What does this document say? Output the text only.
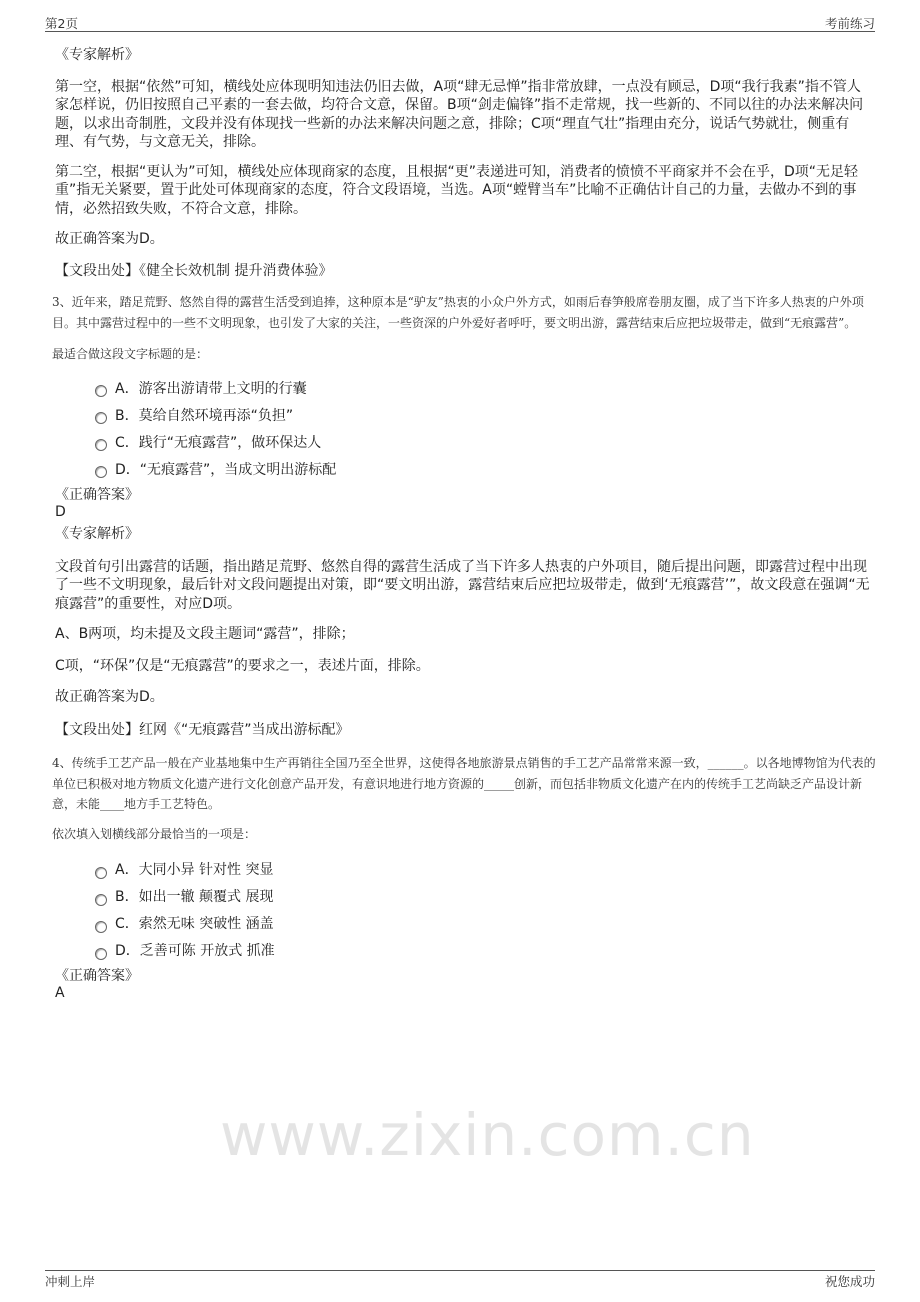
第2页	考前练习
www.zixin.com.cn
《专家解析》
第一空，根据“依然”可知，横线处应体现明知违法仍旧去做，A项“肆无忌惮”指非常放肆，一点没有顾忌，D项“我行我素”指不管人家怎样说，仍旧按照自己平素的一套去做，均符合文意，保留。B项“剑走偏锋”指不走常规，找一些新的、不同以往的办法来解决问题，以求出奇制胜，文段并没有体现找一些新的办法来解决问题之意，排除；C项“理直气壮”指理由充分，说话气势就壮，侧重有理、有气势，与文意无关，排除。
第二空，根据“更认为”可知，横线处应体现商家的态度，且根据“更”表递进可知，消费者的愤愤不平商家并不会在乎，D项“无足轻重”指无关紧要，置于此处可体现商家的态度，符合文段语境，当选。A项“螳臂当车”比喻不正确估计自己的力量，去做办不到的事情，必然招致失败，不符合文意，排除。
故正确答案为D。
【文段出处】《健全长效机制 提升消费体验》
3、近年来，踏足荒野、悠然自得的露营生活受到追捧，这种原本是“驴友”热衷的小众户外方式，如雨后春笋般席卷朋友圈，成了当下许多人热衷的户外项目。其中露营过程中的一些不文明现象，也引发了大家的关注，一些资深的户外爱好者呼吁，要文明出游，露营结束后应把垃圾带走，做到“无痕露营”。
最适合做这段文字标题的是：
A．游客出游请带上文明的行囊
B．莫给自然环境再添“负担”
C．践行“无痕露营”，做环保达人
D．“无痕露营”，当成文明出游标配
《正确答案》
D
《专家解析》
文段首句引出露营的话题，指出踏足荒野、悠然自得的露营生活成了当下许多人热衷的户外项目，随后提出问题，即露营过程中出现了一些不文明现象，最后针对文段问题提出对策，即“要文明出游，露营结束后应把垃圾带走，做到‘无痕露营’”，故文段意在强调“无痕露营”的重要性，对应D项。
A、B两项，均未提及文段主题词“露营”，排除；
C项，“环保”仅是“无痕露营”的要求之一，表述片面，排除。
故正确答案为D。
【文段出处】红网《“无痕露营”当成出游标配》
4、传统手工艺产品一般在产业基地集中生产再销往全国乃至全世界，这使得各地旅游景点销售的手工艺产品常常来源一致，______。以各地博物馆为代表的单位已积极对地方物质文化遗产进行文化创意产品开发，有意识地进行地方资源的_____创新，而包括非物质文化遗产在内的传统手工艺尚缺乏产品设计新意，未能____地方手工艺特色。
依次填入划横线部分最恰当的一项是：
A．大同小异 针对性 突显
B．如出一辙 颠覆式 展现
C．索然无味 突破性 涵盖
D．乏善可陈 开放式 抓准
《正确答案》
A
冲刺上岸	祝您成功
